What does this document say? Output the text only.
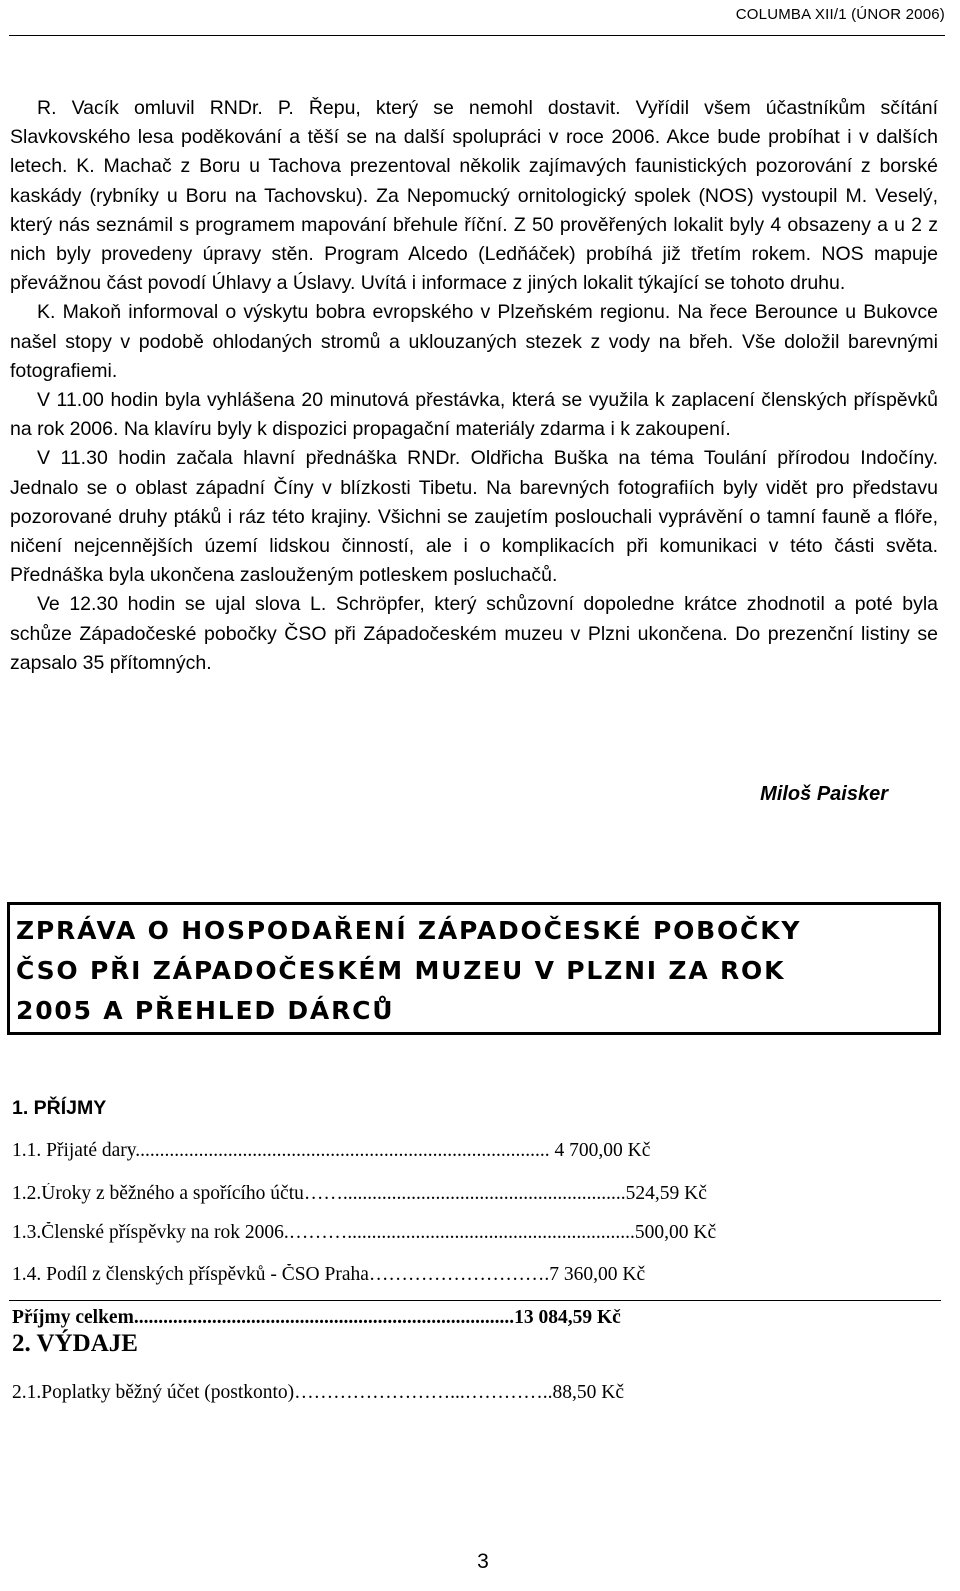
COLUMBA XII/1 (ÚNOR 2006)

R. Vacík omluvil RNDr. P. Řepu, který se nemohl dostavit. Vyřídil všem účastníkům sčítání Slavkovského lesa poděkování a těší se na další spolupráci v roce 2006. Akce bude probíhat i v dalších letech. K. Machač z Boru u Tachova prezentoval několik zajímavých faunistických pozorování z borské kaskády (rybníky u Boru na Tachovsku). Za Nepomucký ornitologický spolek (NOS) vystoupil M. Veselý, který nás seznámil s programem mapování břehule říční. Z 50 prověřených lokalit byly 4 obsazeny a u 2 z nich byly provedeny úpravy stěn. Program Alcedo (Ledňáček) probíhá již třetím rokem. NOS mapuje převážnou část povodí Úhlavy a Úslavy. Uvítá i informace z jiných lokalit týkající se tohoto druhu.

K. Makoň informoval o výskytu bobra evropského v Plzeňském regionu. Na řece Berounce u Bukovce našel stopy v podobě ohlodaných stromů a uklouzaných stezek z vody na břeh. Vše doložil barevnými fotografiemi.

V 11.00 hodin byla vyhlášena 20 minutová přestávka, která se využila k zaplacení členských příspěvků na rok 2006. Na klavíru byly k dispozici propagační materiály zdarma i k zakoupení.

V 11.30 hodin začala hlavní přednáška RNDr. Oldřicha Buška na téma Toulání přírodou Indočíny. Jednalo se o oblast západní Číny v blízkosti Tibetu. Na barevných fotografiích byly vidět pro představu pozorované druhy ptáků i ráz této krajiny. Všichni se zaujetím poslouchali vyprávění o tamní fauně a flóře, ničení nejcennějších území lidskou činností, ale i o komplikacích při komunikaci v této části světa. Přednáška byla ukončena zaslouženým potleskem posluchačů.

Ve 12.30 hodin se ujal slova L. Schröpfer, který schůzovní dopoledne krátce zhodnotil a poté byla schůze Západočeské pobočky ČSO při Západočeském muzeu v Plzni ukončena. Do prezenční listiny se zapsalo 35 přítomných.

Miloš Paisker
ZPRÁVA O HOSPODAŘENÍ ZÁPADOČESKÉ POBOČKY
ČSO PŘI ZÁPADOČESKÉM MUZEU V PLZNI ZA ROK
2005 A PŘEHLED DÁRCŮ
1. PŘÍJMY
1.1. Přijaté dary..................................................................................... 4 700,00 Kč
1.2.Úroky z běžného a spořícího účtu……..........................................................524,59 Kč
1.3.Členské příspěvky na rok 2006.………...........................................................500,00 Kč
1.4. Podíl z členských příspěvků - ČSO Praha……………………….7 360,00 Kč
Příjmy celkem..............................................................................13 084,59 Kč
2. VÝDAJE
2.1.Poplatky běžný účet (postkonto)……………………...…………..88,50 Kč
3
